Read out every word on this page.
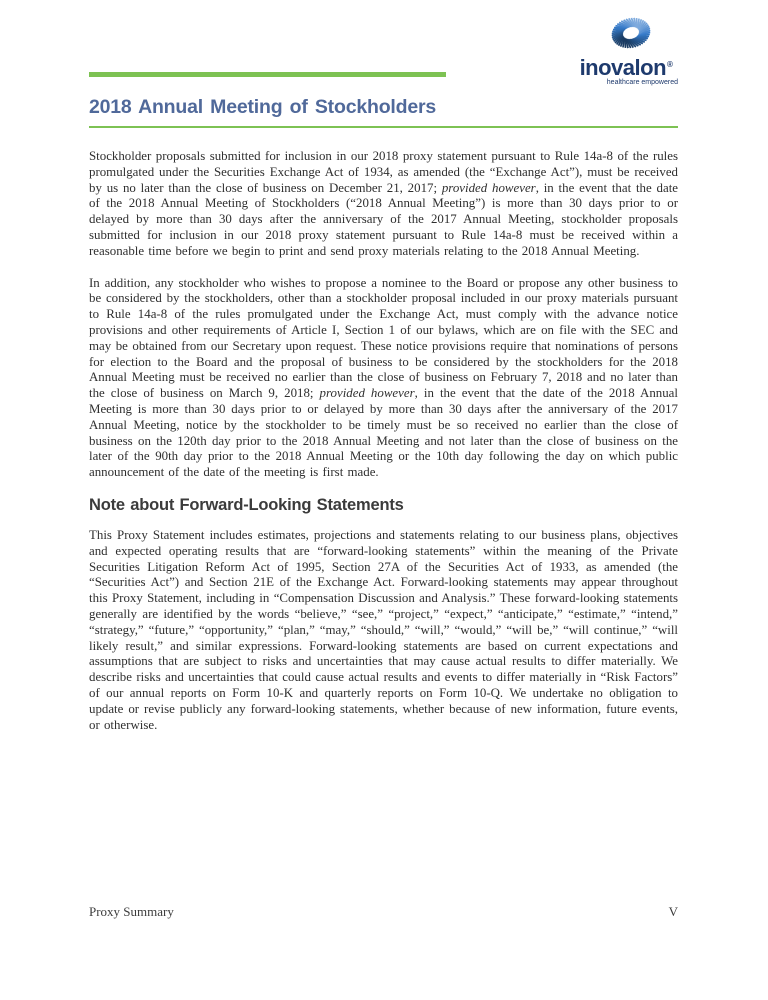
inovalon®
healthcare empowered
2018 Annual Meeting of Stockholders

Stockholder proposals submitted for inclusion in our 2018 proxy statement pursuant to Rule 14a-8 of the rules promulgated under the Securities Exchange Act of 1934, as amended (the “Exchange Act”), must be received by us no later than the close of business on December 21, 2017; provided however, in the event that the date of the 2018 Annual Meeting of Stockholders (“2018 Annual Meeting”) is more than 30 days prior to or delayed by more than 30 days after the anniversary of the 2017 Annual Meeting, stockholder proposals submitted for inclusion in our 2018 proxy statement pursuant to Rule 14a-8 must be received within a reasonable time before we begin to print and send proxy materials relating to the 2018 Annual Meeting.

In addition, any stockholder who wishes to propose a nominee to the Board or propose any other business to be considered by the stockholders, other than a stockholder proposal included in our proxy materials pursuant to Rule 14a-8 of the rules promulgated under the Exchange Act, must comply with the advance notice provisions and other requirements of Article I, Section 1 of our bylaws, which are on file with the SEC and may be obtained from our Secretary upon request. These notice provisions require that nominations of persons for election to the Board and the proposal of business to be considered by the stockholders for the 2018 Annual Meeting must be received no earlier than the close of business on February 7, 2018 and no later than the close of business on March 9, 2018; provided however, in the event that the date of the 2018 Annual Meeting is more than 30 days prior to or delayed by more than 30 days after the anniversary of the 2017 Annual Meeting, notice by the stockholder to be timely must be so received no earlier than the close of business on the 120th day prior to the 2018 Annual Meeting and not later than the close of business on the later of the 90th day prior to the 2018 Annual Meeting or the 10th day following the day on which public announcement of the date of the meeting is first made.

Note about Forward-Looking Statements

This Proxy Statement includes estimates, projections and statements relating to our business plans, objectives and expected operating results that are “forward-looking statements” within the meaning of the Private Securities Litigation Reform Act of 1995, Section 27A of the Securities Act of 1933, as amended (the “Securities Act”) and Section 21E of the Exchange Act. Forward-looking statements may appear throughout this Proxy Statement, including in “Compensation Discussion and Analysis.” These forward-looking statements generally are identified by the words “believe,” “see,” “project,” “expect,” “anticipate,” “estimate,” “intend,” “strategy,” “future,” “opportunity,” “plan,” “may,” “should,” “will,” “would,” “will be,” “will continue,” “will likely result,” and similar expressions. Forward-looking statements are based on current expectations and assumptions that are subject to risks and uncertainties that may cause actual results to differ materially. We describe risks and uncertainties that could cause actual results and events to differ materially in “Risk Factors” of our annual reports on Form 10-K and quarterly reports on Form 10-Q. We undertake no obligation to update or revise publicly any forward-looking statements, whether because of new information, future events, or otherwise.

Proxy Summary	V
